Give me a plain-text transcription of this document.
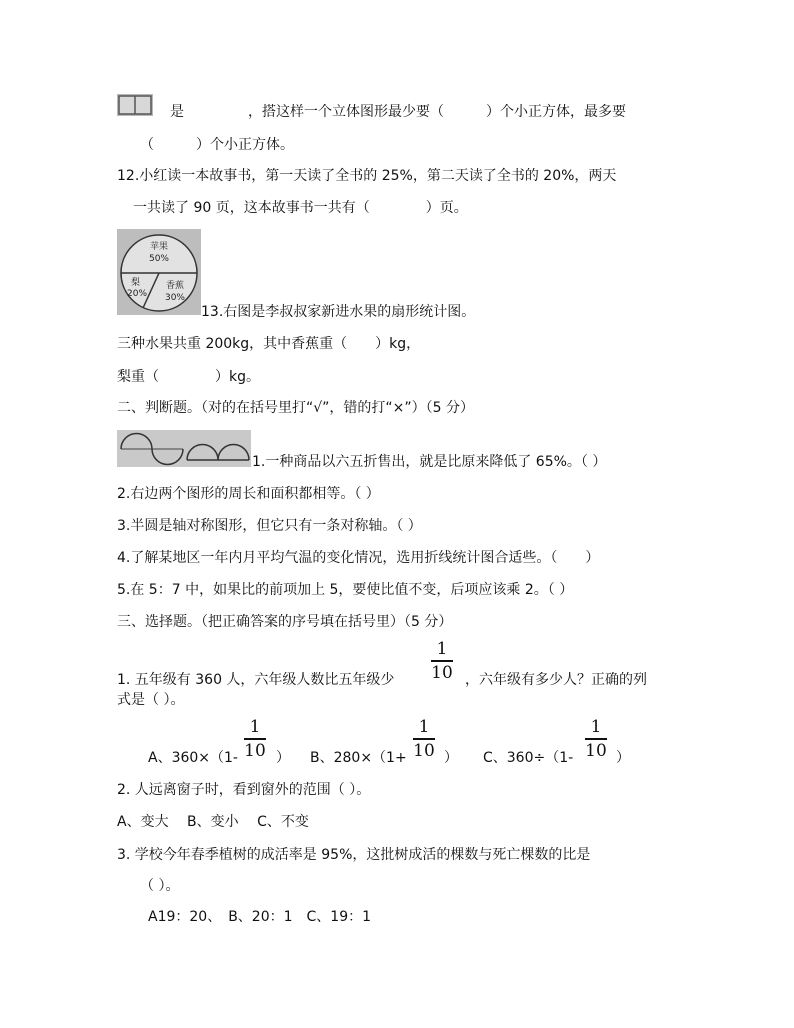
是	，搭这样一个立体图形最少要（　　　）个小正方体，最多要
（　　　）个小正方体。
12.小红读一本故事书，第一天读了全书的 25%，第二天读了全书的 20%，两天
一共读了 90 页，这本故事书一共有（　　　　）页。
苹果
50%
梨
20%
香蕉
30%
13.右图是李叔叔家新进水果的扇形统计图。
三种水果共重 200kg，其中香蕉重（　　）kg，
梨重（　　　　）kg。
二、判断题。（对的在括号里打“√”，错的打“×”）（5 分）
1.一种商品以六五折售出，就是比原来降低了 65%。（ ）
2.右边两个图形的周长和面积都相等。（ ）
3.半圆是轴对称图形，但它只有一条对称轴。（ ）
4.了解某地区一年内月平均气温的变化情况，选用折线统计图合适些。（　　）
5.在 5：7 中，如果比的前项加上 5，要使比值不变，后项应该乘 2。（ ）
三、选择题。（把正确答案的序号填在括号里）（5 分）
1. 五年级有 360 人，六年级人数比五年级少
1
10 ，六年级有多少人？正确的列
式是（ ）。
A、360×（1-
1
10 ） B、280×（1+
1
10 ） C、360÷（1-
1
10 ）
2. 人远离窗子时，看到窗外的范围（ ）。
A、变大　 B、变小　 C、不变
3. 学校今年春季植树的成活率是 95%，这批树成活的棵数与死亡棵数的比是
（ ）。
A19：20、　B、20：1　C、19：1
